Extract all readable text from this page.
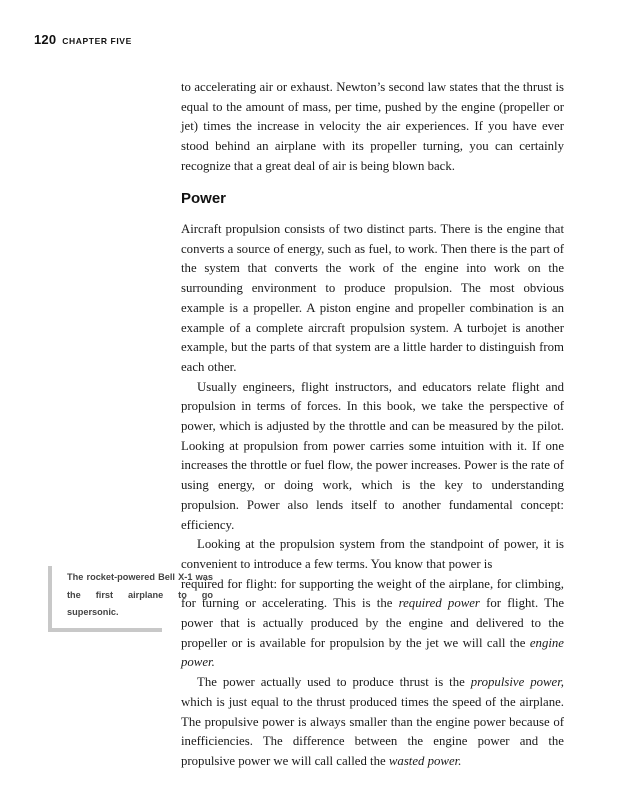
120 CHAPTER FIVE

to accelerating air or exhaust. Newton’s second law states that the thrust is equal to the amount of mass, per time, pushed by the engine (propeller or jet) times the increase in velocity the air experiences. If you have ever stood behind an airplane with its propeller turning, you can certainly recognize that a great deal of air is being blown back.

Power

Aircraft propulsion consists of two distinct parts. There is the engine that converts a source of energy, such as fuel, to work. Then there is the part of the system that converts the work of the engine into work on the surrounding environment to produce propulsion. The most obvious example is a propeller. A piston engine and propeller combination is an example of a complete aircraft propulsion system. A turbojet is another example, but the parts of that system are a little harder to distinguish from each other.

Usually engineers, flight instructors, and educators relate flight and propulsion in terms of forces. In this book, we take the perspective of power, which is adjusted by the throttle and can be measured by the pilot. Looking at propulsion from power carries some intuition with it. If one increases the throttle or fuel flow, the power increases. Power is the rate of using energy, or doing work, which is the key to understanding propulsion. Power also lends itself to another fundamental concept: efficiency.

Looking at the propulsion system from the standpoint of power, it is convenient to introduce a few terms. You know that power is

required for flight: for supporting the weight of the airplane, for climbing, for turning or accelerating. This is the required power for flight. The power that is actually produced by the engine and delivered to the propeller or is available for propulsion by the jet we will call the engine power.

The power actually used to produce thrust is the propulsive power, which is just equal to the thrust produced times the speed of the airplane. The propulsive power is always smaller than the engine power because of inefficiencies. The difference between the engine power and the propulsive power we will call called the wasted power.

The rocket-powered Bell X-1 was the first airplane to go supersonic.
